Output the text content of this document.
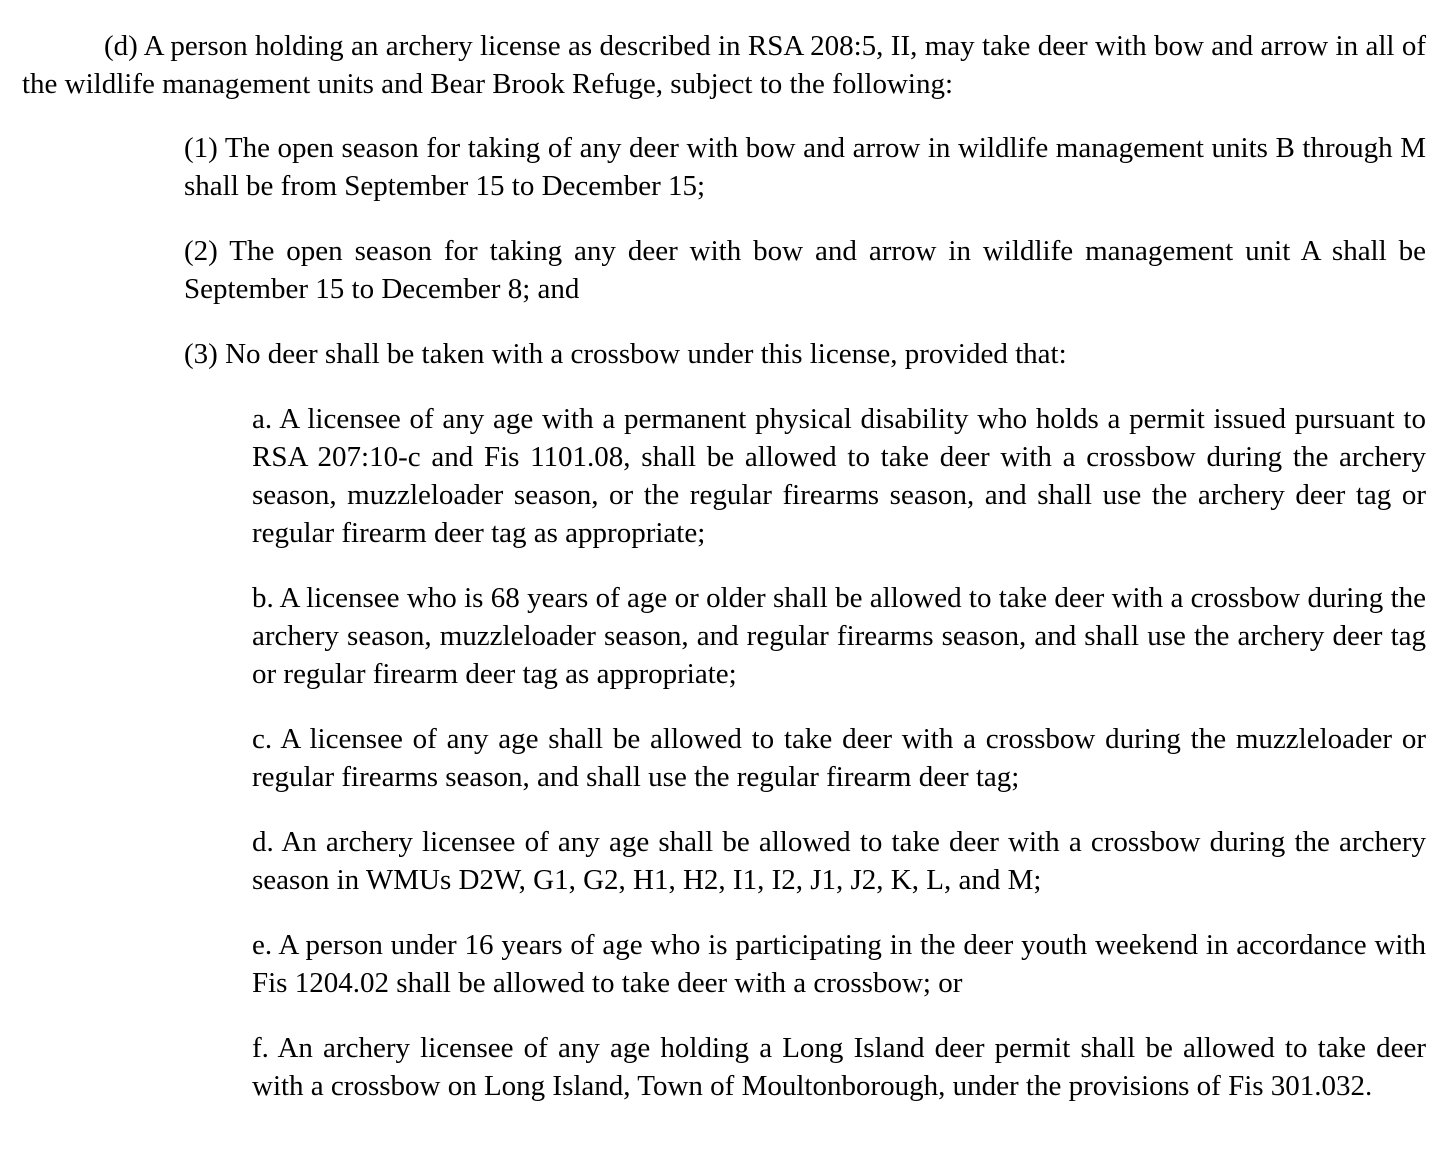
(d) A person holding an archery license as described in RSA 208:5, II, may take deer with bow and arrow in all of the wildlife management units and Bear Brook Refuge, subject to the following:

(1) The open season for taking of any deer with bow and arrow in wildlife management units B through M shall be from September 15 to December 15;

(2) The open season for taking any deer with bow and arrow in wildlife management unit A shall be September 15 to December 8; and

(3) No deer shall be taken with a crossbow under this license, provided that:

a. A licensee of any age with a permanent physical disability who holds a permit issued pursuant to RSA 207:10-c and Fis 1101.08, shall be allowed to take deer with a crossbow during the archery season, muzzleloader season, or the regular firearms season, and shall use the archery deer tag or regular firearm deer tag as appropriate;

b. A licensee who is 68 years of age or older shall be allowed to take deer with a crossbow during the archery season, muzzleloader season, and regular firearms season, and shall use the archery deer tag or regular firearm deer tag as appropriate;

c. A licensee of any age shall be allowed to take deer with a crossbow during the muzzleloader or regular firearms season, and shall use the regular firearm deer tag;

d. An archery licensee of any age shall be allowed to take deer with a crossbow during the archery season in WMUs D2W, G1, G2, H1, H2, I1, I2, J1, J2, K, L, and M;

e. A person under 16 years of age who is participating in the deer youth weekend in accordance with Fis 1204.02 shall be allowed to take deer with a crossbow; or

f. An archery licensee of any age holding a Long Island deer permit shall be allowed to take deer with a crossbow on Long Island, Town of Moultonborough, under the provisions of Fis 301.032.
